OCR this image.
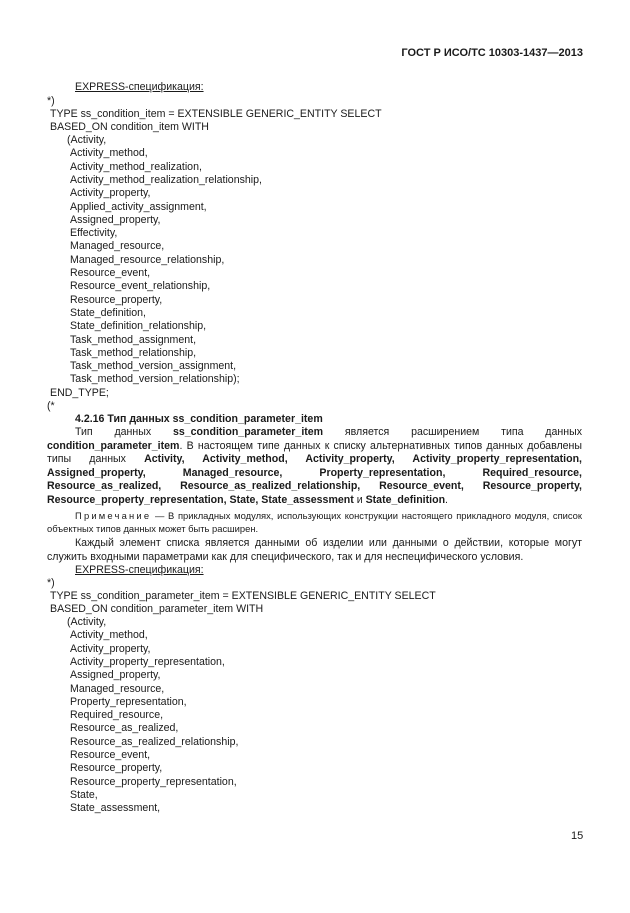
ГОСТ Р ИСО/ТС 10303-1437—2013
EXPRESS-спецификация:
*)
TYPE ss_condition_item = EXTENSIBLE GENERIC_ENTITY SELECT
BASED_ON condition_item WITH
(Activity,
Activity_method,
Activity_method_realization,
Activity_method_realization_relationship,
Activity_property,
Applied_activity_assignment,
Assigned_property,
Effectivity,
Managed_resource,
Managed_resource_relationship,
Resource_event,
Resource_event_relationship,
Resource_property,
State_definition,
State_definition_relationship,
Task_method_assignment,
Task_method_relationship,
Task_method_version_assignment,
Task_method_version_relationship);
END_TYPE;
(*
4.2.16 Тип данных ss_condition_parameter_item
Тип данных ss_condition_parameter_item является расширением типа данных condition_parameter_item. В настоящем типе данных к списку альтернативных типов данных добавлены типы данных Activity, Activity_method, Activity_property, Activity_property_representation, Assigned_property, Managed_resource, Property_representation, Required_resource, Resource_as_realized, Resource_as_realized_relationship, Resource_event, Resource_property, Resource_property_representation, State, State_assessment и State_definition.
Примечание — В прикладных модулях, использующих конструкции настоящего прикладного модуля, список объектных типов данных может быть расширен.
Каждый элемент списка является данными об изделии или данными о действии, которые могут служить входными параметрами как для специфического, так и для неспецифического условия.
EXPRESS-спецификация:
*)
TYPE ss_condition_parameter_item = EXTENSIBLE GENERIC_ENTITY SELECT
BASED_ON condition_parameter_item WITH
(Activity,
Activity_method,
Activity_property,
Activity_property_representation,
Assigned_property,
Managed_resource,
Property_representation,
Required_resource,
Resource_as_realized,
Resource_as_realized_relationship,
Resource_event,
Resource_property,
Resource_property_representation,
State,
State_assessment,
15
